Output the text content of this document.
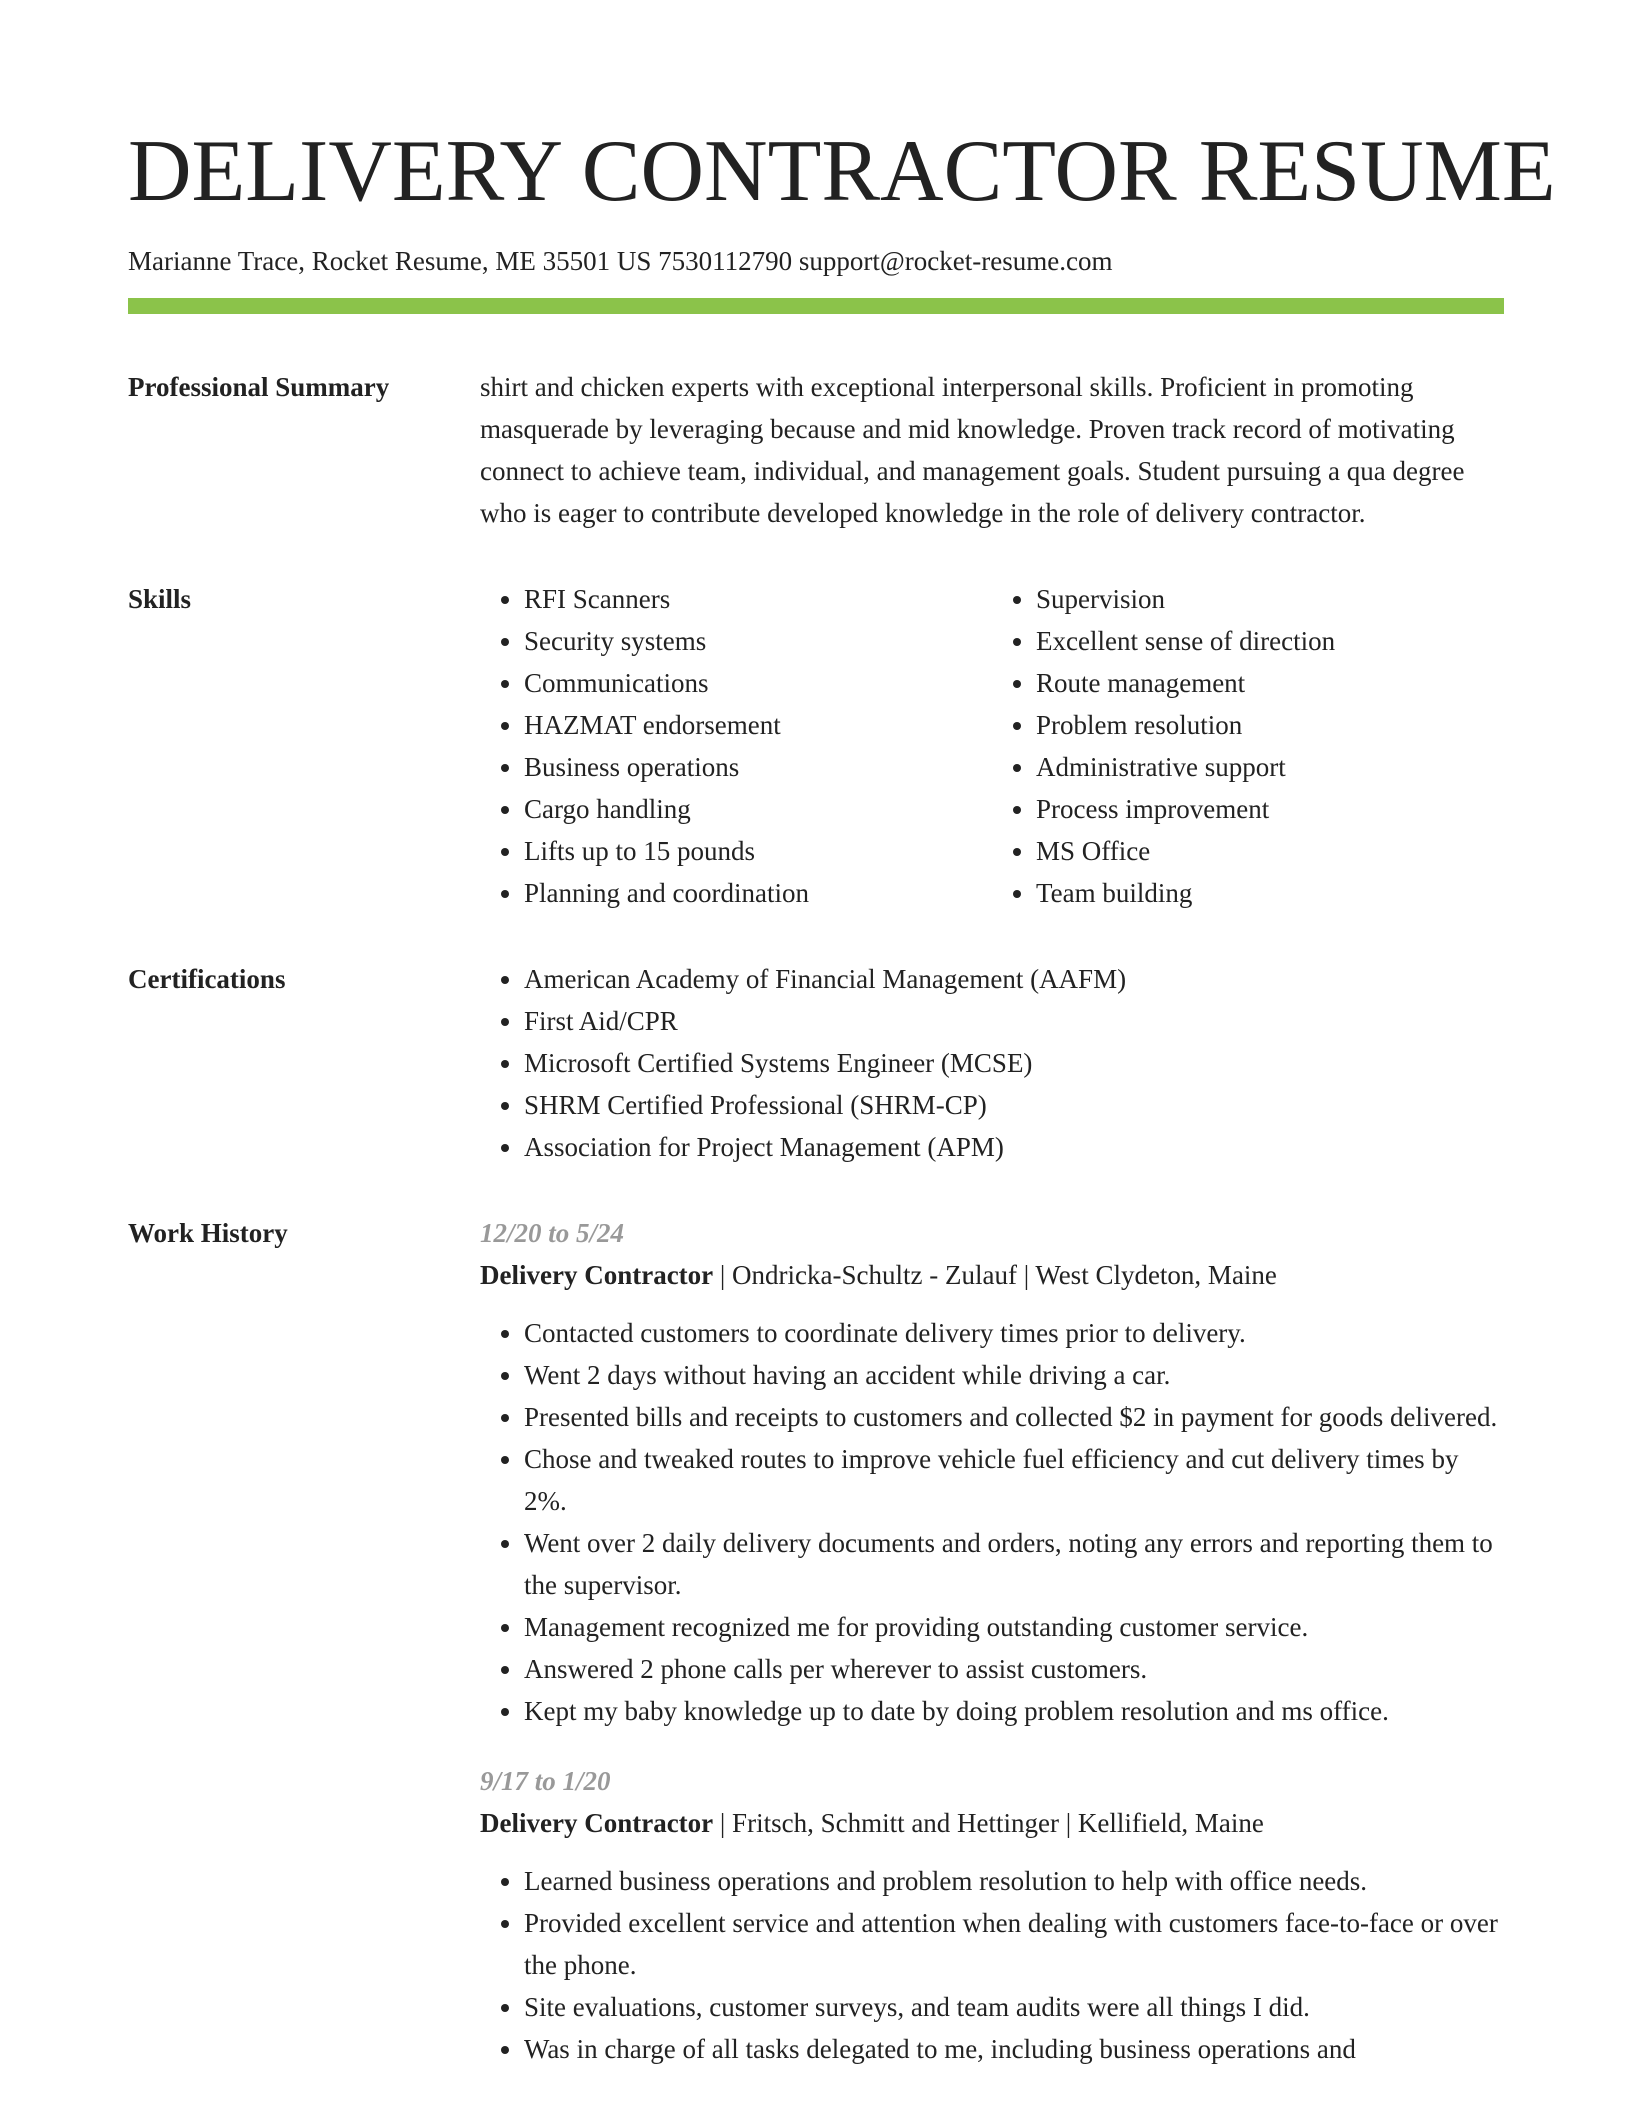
DELIVERY CONTRACTOR RESUME
Marianne Trace, Rocket Resume, ME 35501 US 7530112790 support@rocket-resume.com
Professional Summary	shirt and chicken experts with exceptional interpersonal skills. Proficient in promoting masquerade by leveraging because and mid knowledge. Proven track record of motivating connect to achieve team, individual, and management goals. Student pursuing a qua degree who is eager to contribute developed knowledge in the role of delivery contractor.

Skills	• RFI Scanners
• Security systems
• Communications
• HAZMAT endorsement
• Business operations
• Cargo handling
• Lifts up to 15 pounds
• Planning and coordination
• Supervision
• Excellent sense of direction
• Route management
• Problem resolution
• Administrative support
• Process improvement
• MS Office
• Team building
Certifications	• American Academy of Financial Management (AAFM)
• First Aid/CPR
• Microsoft Certified Systems Engineer (MCSE)
• SHRM Certified Professional (SHRM-CP)
• Association for Project Management (APM)
Work History	12/20 to 5/24
Delivery Contractor | Ondricka-Schultz - Zulauf | West Clydeton, Maine
• Contacted customers to coordinate delivery times prior to delivery.
• Went 2 days without having an accident while driving a car.
• Presented bills and receipts to customers and collected $2 in payment for goods delivered.
• Chose and tweaked routes to improve vehicle fuel efficiency and cut delivery times by 2%.
• Went over 2 daily delivery documents and orders, noting any errors and reporting them to the supervisor.
• Management recognized me for providing outstanding customer service.
• Answered 2 phone calls per wherever to assist customers.
• Kept my baby knowledge up to date by doing problem resolution and ms office.
9/17 to 1/20
Delivery Contractor | Fritsch, Schmitt and Hettinger | Kellifield, Maine
• Learned business operations and problem resolution to help with office needs.
• Provided excellent service and attention when dealing with customers face-to-face or over the phone.
• Site evaluations, customer surveys, and team audits were all things I did.
• Was in charge of all tasks delegated to me, including business operations and
